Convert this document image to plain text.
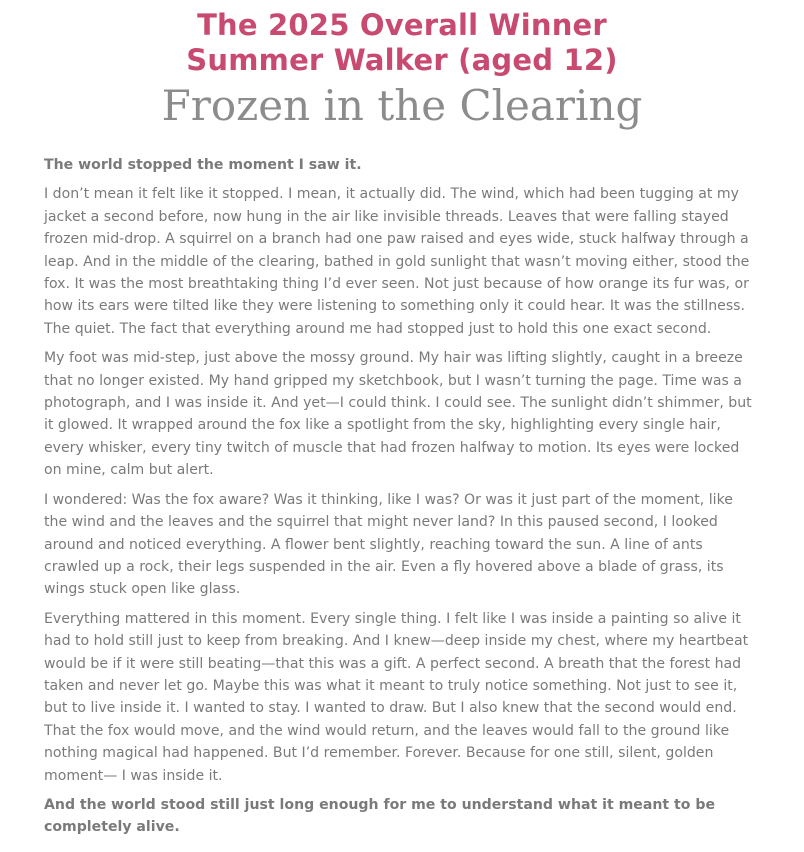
The 2025 Overall Winner
Summer Walker (aged 12)
Frozen in the Clearing

The world stopped the moment I saw it.

I don’t mean it felt like it stopped. I mean, it actually did. The wind, which had been tugging at my jacket a second before, now hung in the air like invisible threads. Leaves that were falling stayed frozen mid-drop. A squirrel on a branch had one paw raised and eyes wide, stuck halfway through a leap. And in the middle of the clearing, bathed in gold sunlight that wasn’t moving either, stood the fox. It was the most breathtaking thing I’d ever seen. Not just because of how orange its fur was, or how its ears were tilted like they were listening to something only it could hear. It was the stillness. The quiet. The fact that everything around me had stopped just to hold this one exact second.

My foot was mid-step, just above the mossy ground. My hair was lifting slightly, caught in a breeze that no longer existed. My hand gripped my sketchbook, but I wasn’t turning the page. Time was a photograph, and I was inside it. And yet—I could think. I could see. The sunlight didn’t shimmer, but it glowed. It wrapped around the fox like a spotlight from the sky, highlighting every single hair, every whisker, every tiny twitch of muscle that had frozen halfway to motion. Its eyes were locked on mine, calm but alert.

I wondered: Was the fox aware? Was it thinking, like I was? Or was it just part of the moment, like the wind and the leaves and the squirrel that might never land? In this paused second, I looked around and noticed everything. A flower bent slightly, reaching toward the sun. A line of ants crawled up a rock, their legs suspended in the air. Even a fly hovered above a blade of grass, its wings stuck open like glass.

Everything mattered in this moment. Every single thing. I felt like I was inside a painting so alive it had to hold still just to keep from breaking. And I knew—deep inside my chest, where my heartbeat would be if it were still beating—that this was a gift. A perfect second. A breath that the forest had taken and never let go. Maybe this was what it meant to truly notice something. Not just to see it, but to live inside it. I wanted to stay. I wanted to draw. But I also knew that the second would end. That the fox would move, and the wind would return, and the leaves would fall to the ground like nothing magical had happened. But I’d remember. Forever. Because for one still, silent, golden moment— I was inside it.

And the world stood still just long enough for me to understand what it meant to be completely alive.
